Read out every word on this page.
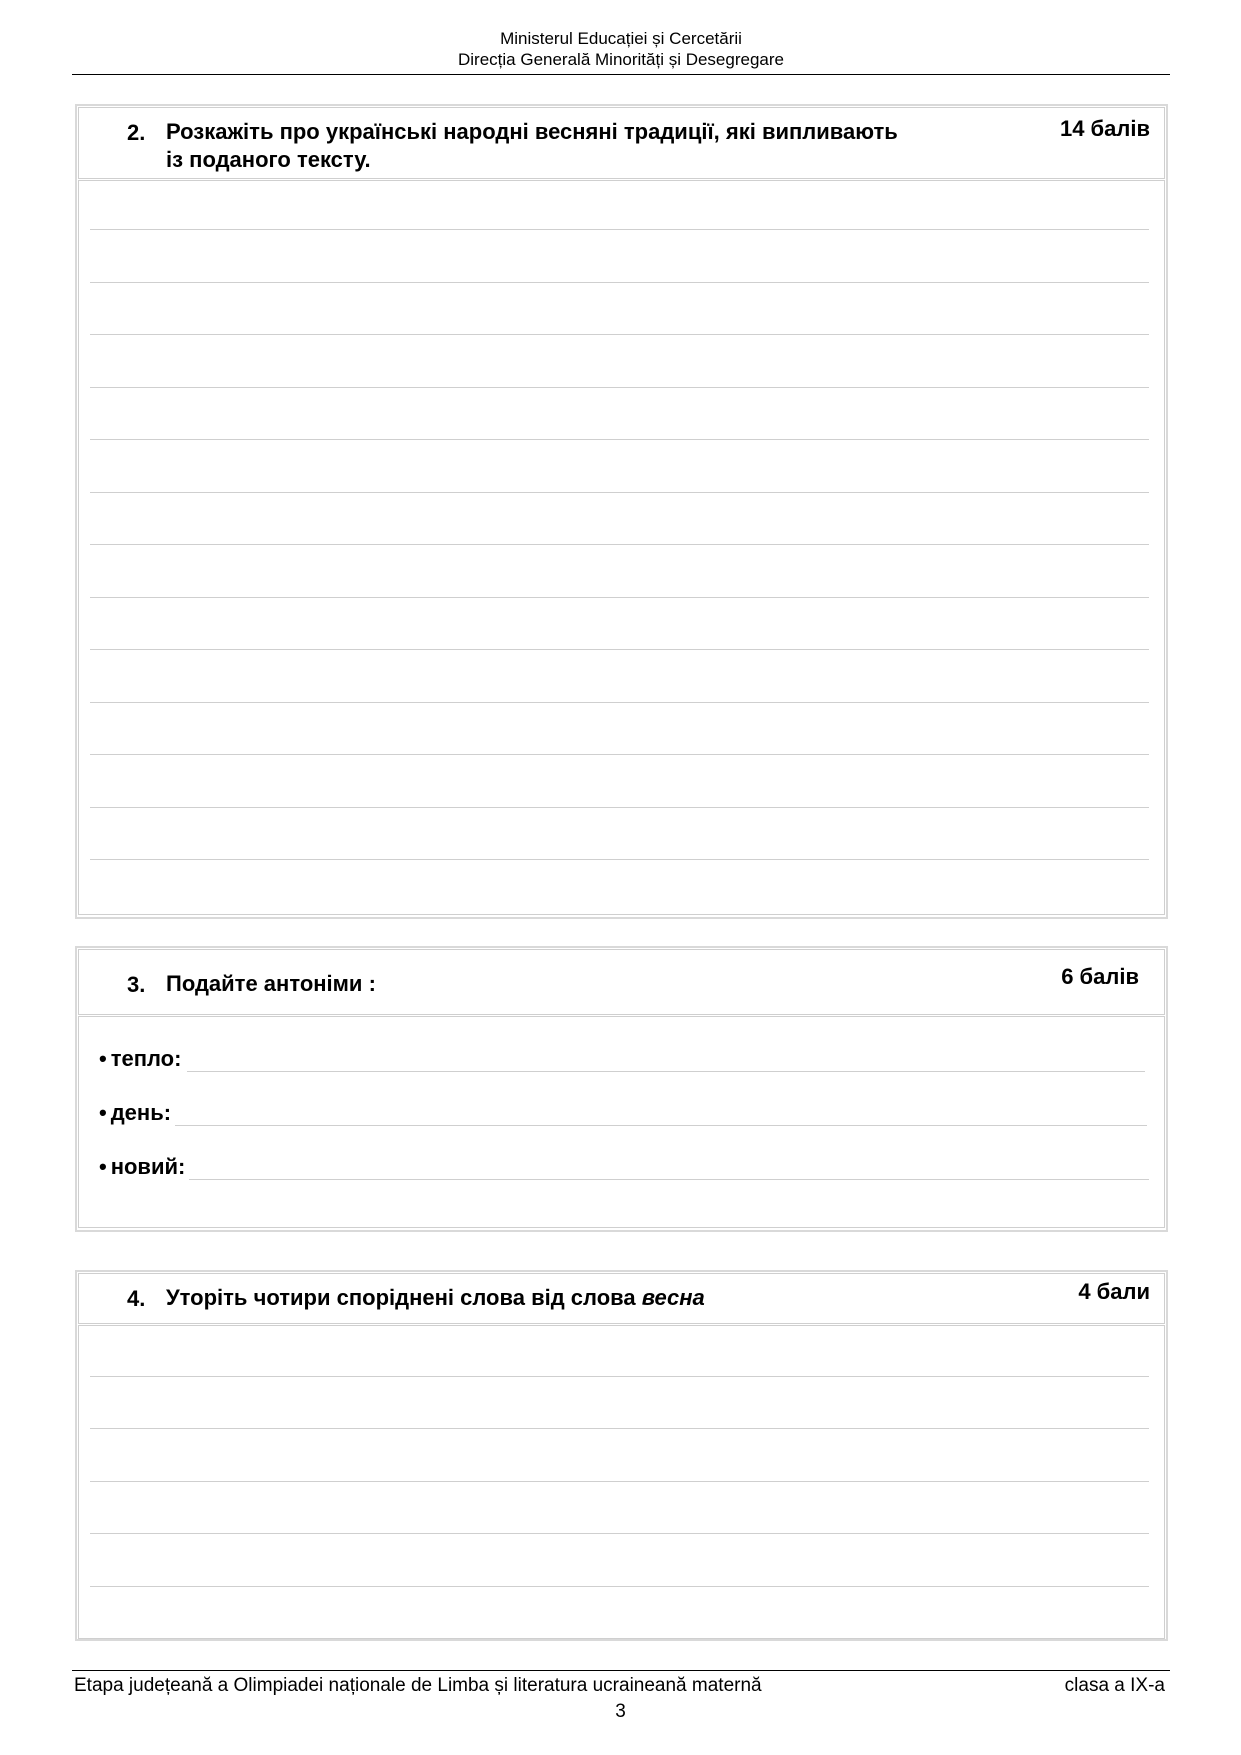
Ministerul Educației și Cercetării
Direcția Generală Minorități și Desegregare
2. Розкажіть про українські народні весняні традиції, які випливають
із поданого тексту.
14 балів
3. Подайте антоніми :	6 балів
• тепло:
• день:
• новий:
4. Уторіть чотири споріднені слова від слова весна	4 бали
Etapa județeană a Olimpiadei naționale de Limba și literatura ucraineană maternă	clasa a IX-a
3
